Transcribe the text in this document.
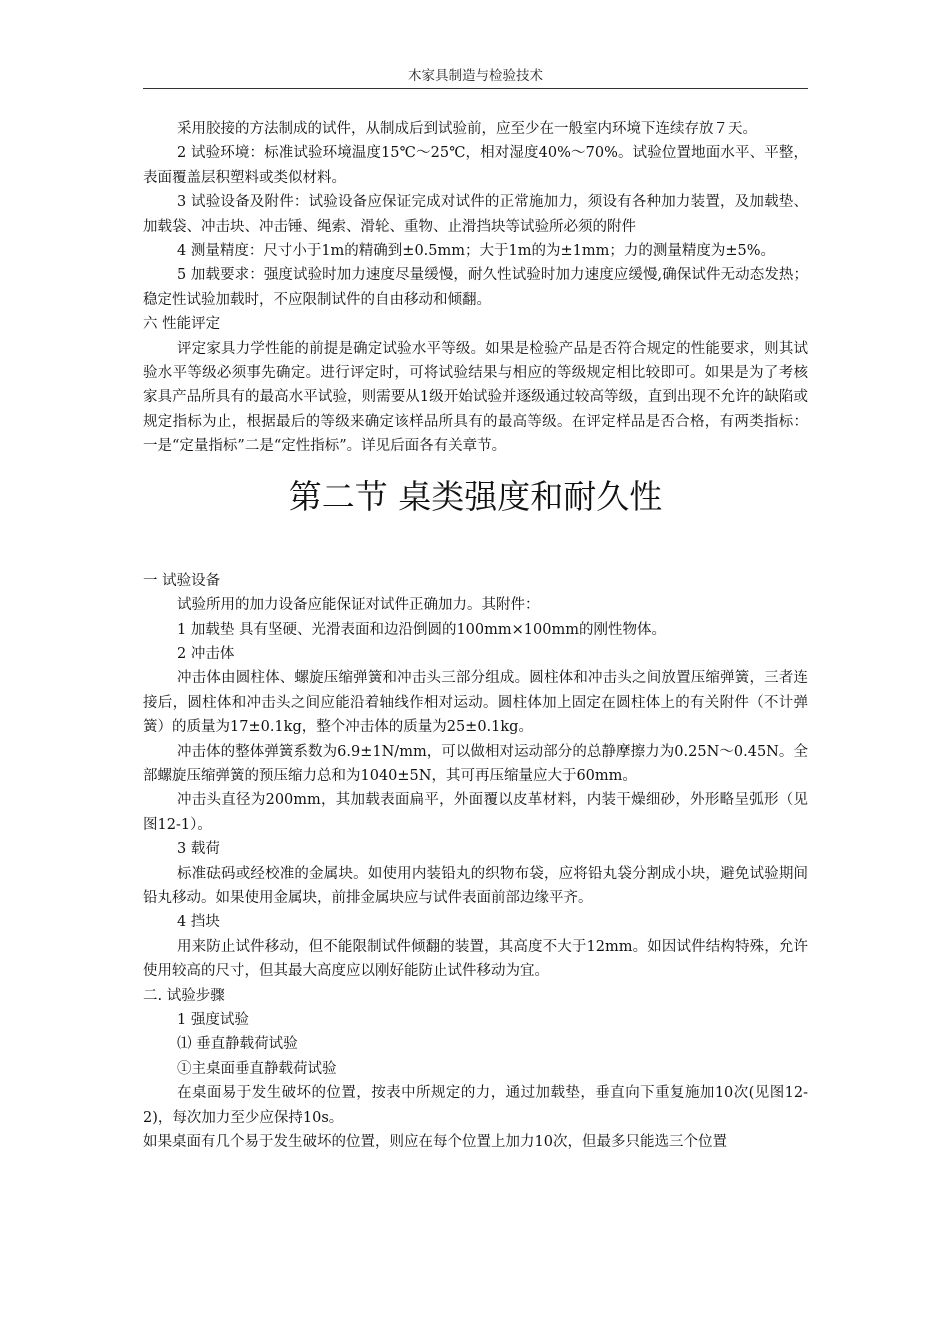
木家具制造与检验技术

采用胶接的方法制成的试件，从制成后到试验前，应至少在一般室内环境下连续存放７天。

2 试验环境：标准试验环境温度15℃～25℃，相对湿度40%～70%。试验位置地面水平、平整，表面覆盖层积塑料或类似材料。

3 试验设备及附件：试验设备应保证完成对试件的正常施加力，须设有各种加力装置，及加载垫、加载袋、冲击块、冲击锤、绳索、滑轮、重物、止滑挡块等试验所必须的附件

4 测量精度：尺寸小于1m的精确到±0.5mm；大于1m的为±1mm；力的测量精度为±5%。

5 加载要求：强度试验时加力速度尽量缓慢，耐久性试验时加力速度应缓慢,确保试件无动态发热；稳定性试验加载时，不应限制试件的自由移动和倾翻。

六 性能评定

评定家具力学性能的前提是确定试验水平等级。如果是检验产品是否符合规定的性能要求，则其试验水平等级必须事先确定。进行评定时，可将试验结果与相应的等级规定相比较即可。如果是为了考核家具产品所具有的最高水平试验，则需要从1级开始试验并逐级通过较高等级，直到出现不允许的缺陷或规定指标为止，根据最后的等级来确定该样品所具有的最高等级。在评定样品是否合格，有两类指标：一是“定量指标”二是“定性指标”。详见后面各有关章节。

第二节 桌类强度和耐久性

一 试验设备

试验所用的加力设备应能保证对试件正确加力。其附件：

1 加载垫 具有坚硬、光滑表面和边沿倒圆的100mm×100mm的刚性物体。

2 冲击体

冲击体由圆柱体、螺旋压缩弹簧和冲击头三部分组成。圆柱体和冲击头之间放置压缩弹簧，三者连接后，圆柱体和冲击头之间应能沿着轴线作相对运动。圆柱体加上固定在圆柱体上的有关附件（不计弹簧）的质量为17±0.1kg，整个冲击体的质量为25±0.1kg。

冲击体的整体弹簧系数为6.9±1N/mm，可以做相对运动部分的总静摩擦力为0.25N～0.45N。全部螺旋压缩弹簧的预压缩力总和为1040±5N，其可再压缩量应大于60mm。

冲击头直径为200mm，其加载表面扁平，外面覆以皮革材料，内装干燥细砂，外形略呈弧形（见图12-1）。

3 载荷

标准砝码或经校准的金属块。如使用内装铅丸的织物布袋，应将铅丸袋分割成小块，避免试验期间铅丸移动。如果使用金属块，前排金属块应与试件表面前部边缘平齐。

4 挡块

用来防止试件移动，但不能限制试件倾翻的装置，其高度不大于12mm。如因试件结构特殊，允许使用较高的尺寸，但其最大高度应以刚好能防止试件移动为宜。

二. 试验步骤

1 强度试验

⑴ 垂直静载荷试验

①主桌面垂直静载荷试验

在桌面易于发生破坏的位置，按表中所规定的力，通过加载垫，垂直向下重复施加10次(见图12-2)，每次加力至少应保持10s。

如果桌面有几个易于发生破坏的位置，则应在每个位置上加力10次，但最多只能选三个位置
